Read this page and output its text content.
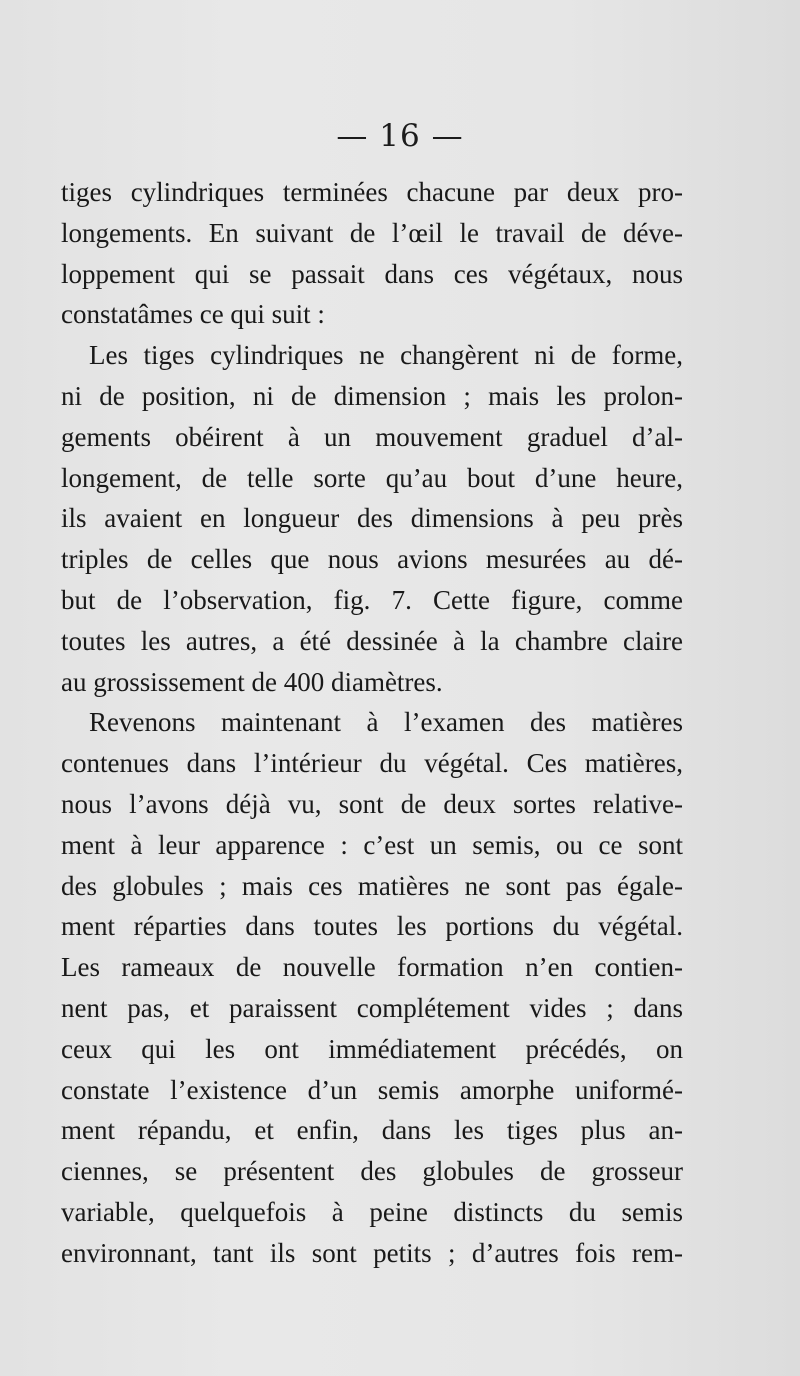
— 16 —
tiges cylindriques terminées chacune par deux pro-
longements. En suivant de l’œil le travail de déve-
loppement qui se passait dans ces végétaux, nous
constatâmes ce qui suit :
Les tiges cylindriques ne changèrent ni de forme,
ni de position, ni de dimension ; mais les prolon-
gements obéirent à un mouvement graduel d’al-
longement, de telle sorte qu’au bout d’une heure,
ils avaient en longueur des dimensions à peu près
triples de celles que nous avions mesurées au dé-
but de l’observation, fig. 7. Cette figure, comme
toutes les autres, a été dessinée à la chambre claire
au grossissement de 400 diamètres.
Revenons maintenant à l’examen des matières
contenues dans l’intérieur du végétal. Ces matières,
nous l’avons déjà vu, sont de deux sortes relative-
ment à leur apparence : c’est un semis, ou ce sont
des globules ; mais ces matières ne sont pas égale-
ment réparties dans toutes les portions du végétal.
Les rameaux de nouvelle formation n’en contien-
nent pas, et paraissent complétement vides ; dans
ceux qui les ont immédiatement précédés, on
constate l’existence d’un semis amorphe uniformé-
ment répandu, et enfin, dans les tiges plus an-
ciennes, se présentent des globules de grosseur
variable, quelquefois à peine distincts du semis
environnant, tant ils sont petits ; d’autres fois rem-
